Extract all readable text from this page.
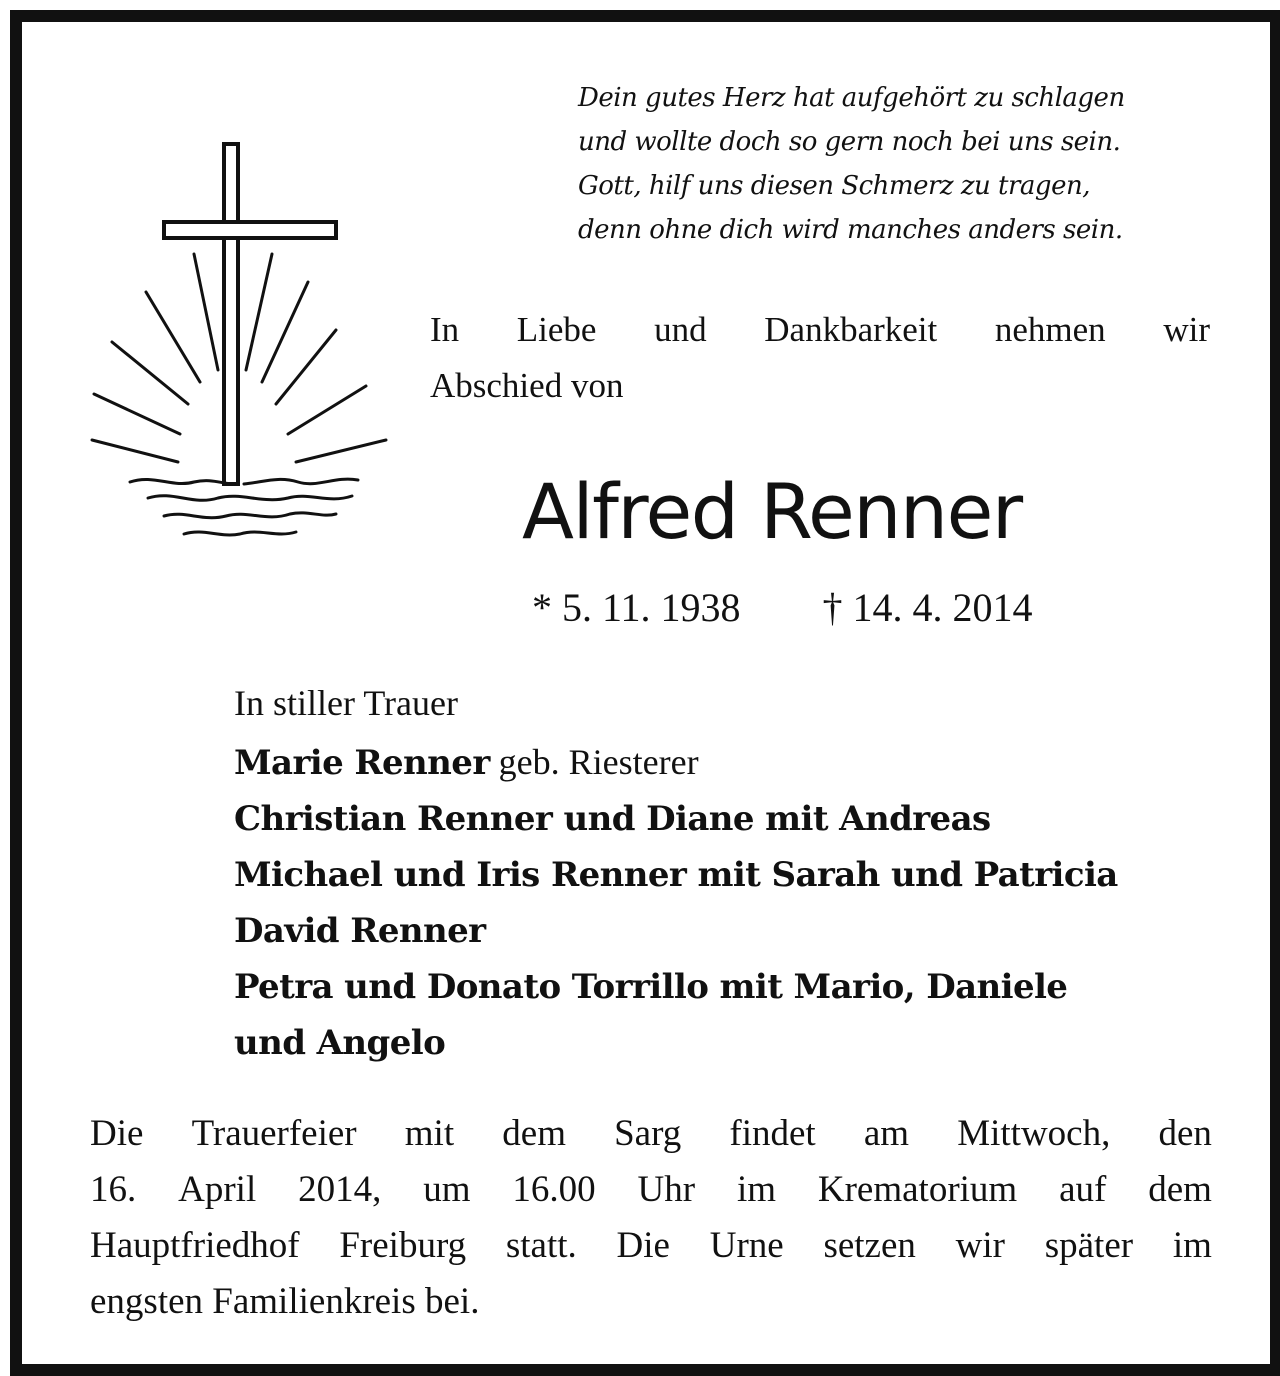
Dein gutes Herz hat aufgehört zu schlagen
und wollte doch so gern noch bei uns sein.
Gott, hilf uns diesen Schmerz zu tragen,
denn ohne dich wird manches anders sein.
In Liebe und Dankbarkeit nehmen wir
Abschied von
Alfred Renner
* 5. 11. 1938 † 14. 4. 2014
In stiller Trauer
Marie Renner geb. Riesterer
Christian Renner und Diane mit Andreas
Michael und Iris Renner mit Sarah und Patricia
David Renner
Petra und Donato Torrillo mit Mario, Daniele
und Angelo
Die Trauerfeier mit dem Sarg findet am Mittwoch, den
16. April 2014, um 16.00 Uhr im Krematorium auf dem
Hauptfriedhof Freiburg statt. Die Urne setzen wir später im
engsten Familienkreis bei.
